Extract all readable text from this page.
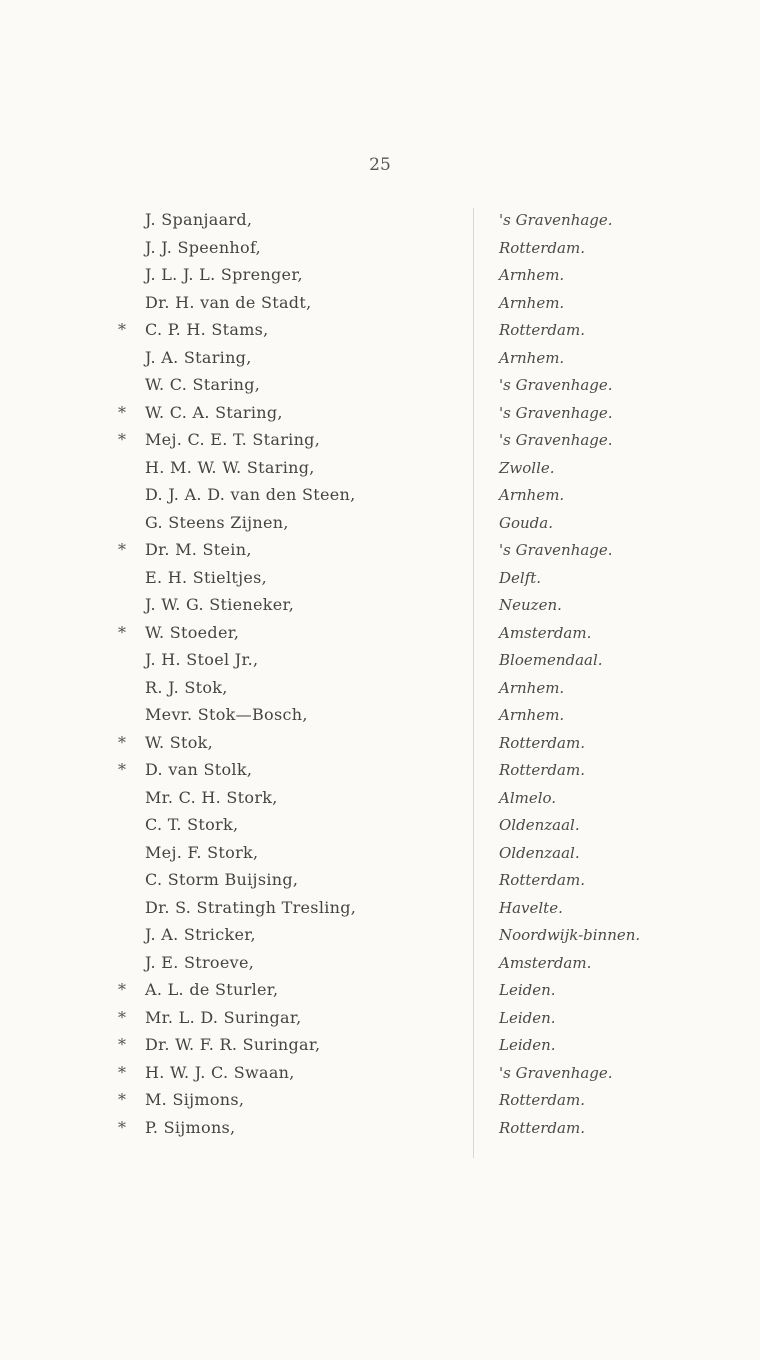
25
J. Spanjaard,	's Gravenhage.
J. J. Speenhof,	Rotterdam.
J. L. J. L. Sprenger,	Arnhem.
Dr. H. van de Stadt,	Arnhem.
*	C. P. H. Stams,	Rotterdam.
J. A. Staring,	Arnhem.
W. C. Staring,	's Gravenhage.
*	W. C. A. Staring,	's Gravenhage.
*	Mej. C. E. T. Staring,	's Gravenhage.
H. M. W. W. Staring,	Zwolle.
D. J. A. D. van den Steen,	Arnhem.
G. Steens Zijnen,	Gouda.
*	Dr. M. Stein,	's Gravenhage.
E. H. Stieltjes,	Delft.
J. W. G. Stieneker,	Neuzen.
*	W. Stoeder,	Amsterdam.
J. H. Stoel Jr.,	Bloemendaal.
R. J. Stok,	Arnhem.
Mevr. Stok—Bosch,	Arnhem.
*	W. Stok,	Rotterdam.
*	D. van Stolk,	Rotterdam.
Mr. C. H. Stork,	Almelo.
C. T. Stork,	Oldenzaal.
Mej. F. Stork,	Oldenzaal.
C. Storm Buijsing,	Rotterdam.
Dr. S. Stratingh Tresling,	Havelte.
J. A. Stricker,	Noordwijk-binnen.
J. E. Stroeve,	Amsterdam.
*	A. L. de Sturler,	Leiden.
*	Mr. L. D. Suringar,	Leiden.
*	Dr. W. F. R. Suringar,	Leiden.
*	H. W. J. C. Swaan,	's Gravenhage.
*	M. Sijmons,	Rotterdam.
*	P. Sijmons,	Rotterdam.
